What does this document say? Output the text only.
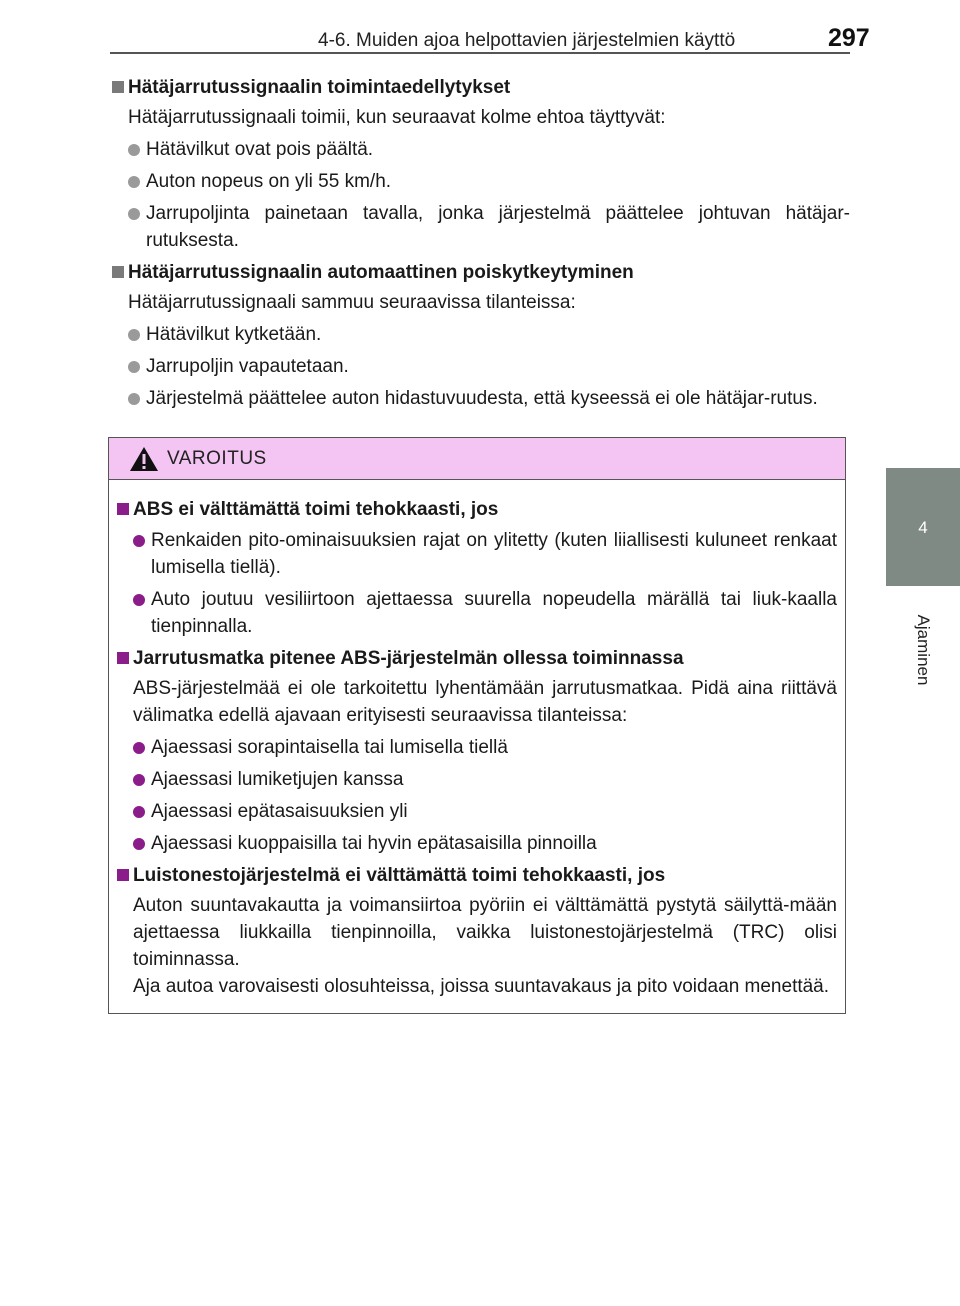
4-6. Muiden ajoa helpottavien järjestelmien käyttö	297
4
Ajaminen

Hätäjarrutussignaalin toimintaedellytykset

Hätäjarrutussignaali toimii, kun seuraavat kolme ehtoa täyttyvät:

Hätävilkut ovat pois päältä.

Auton nopeus on yli 55 km/h.

Jarrupoljinta painetaan tavalla, jonka järjestelmä päättelee johtuvan hätäjar-rutuksesta.

Hätäjarrutussignaalin automaattinen poiskytkeytyminen

Hätäjarrutussignaali sammuu seuraavissa tilanteissa:

Hätävilkut kytketään.

Jarrupoljin vapautetaan.

Järjestelmä päättelee auton hidastuvuudesta, että kyseessä ei ole hätäjar-rutus.

VAROITUS

ABS ei välttämättä toimi tehokkaasti, jos

Renkaiden pito-ominaisuuksien rajat on ylitetty (kuten liiallisesti kuluneet renkaat lumisella tiellä).

Auto joutuu vesiliirtoon ajettaessa suurella nopeudella märällä tai liuk-kaalla tienpinnalla.

Jarrutusmatka pitenee ABS-järjestelmän ollessa toiminnassa

ABS-järjestelmää ei ole tarkoitettu lyhentämään jarrutusmatkaa. Pidä aina riittävä välimatka edellä ajavaan erityisesti seuraavissa tilanteissa:

Ajaessasi sorapintaisella tai lumisella tiellä

Ajaessasi lumiketjujen kanssa

Ajaessasi epätasaisuuksien yli

Ajaessasi kuoppaisilla tai hyvin epätasaisilla pinnoilla

Luistonestojärjestelmä ei välttämättä toimi tehokkaasti, jos

Auton suuntavakautta ja voimansiirtoa pyöriin ei välttämättä pystytä säilyttä-mään ajettaessa liukkailla tienpinnoilla, vaikka luistonestojärjestelmä (TRC) olisi toiminnassa.
Aja autoa varovaisesti olosuhteissa, joissa suuntavakaus ja pito voidaan menettää.
